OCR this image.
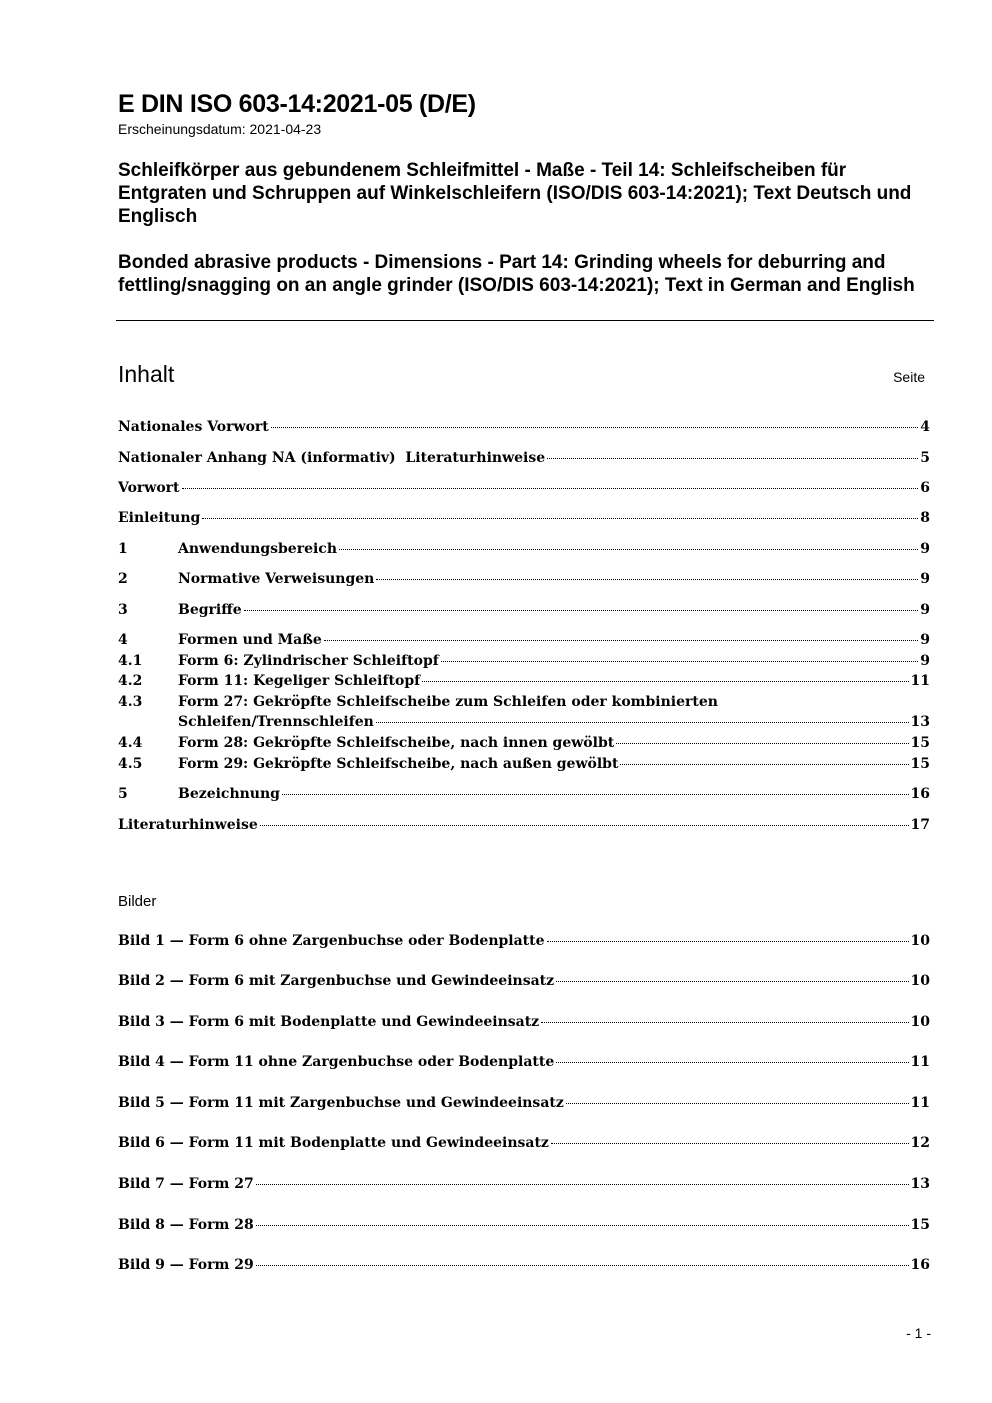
E DIN ISO 603-14:2021-05 (D/E)
Erscheinungsdatum: 2021-04-23

Schleifkörper aus gebundenem Schleifmittel - Maße - Teil 14: Schleifscheiben für Entgraten und Schruppen auf Winkelschleifern (ISO/DIS 603-14:2021); Text Deutsch und Englisch

Bonded abrasive products - Dimensions - Part 14: Grinding wheels for deburring and fettling/snagging on an angle grinder (ISO/DIS 603-14:2021); Text in German and English

Inhalt	Seite
Nationales Vorwort	4
Nationaler Anhang NA (informativ)  Literaturhinweise	5
Vorwort	6
Einleitung	8
1	Anwendungsbereich	9
2	Normative Verweisungen	9
3	Begriffe	9
4	Formen und Maße	9
4.1	Form 6: Zylindrischer Schleiftopf	9
4.2	Form 11: Kegeliger Schleiftopf	11
4.3	Form 27: Gekröpfte Schleifscheibe zum Schleifen oder kombinierten
Schleifen/Trennschleifen	13
4.4	Form 28: Gekröpfte Schleifscheibe, nach innen gewölbt	15
4.5	Form 29: Gekröpfte Schleifscheibe, nach außen gewölbt	15
5	Bezeichnung	16
Literaturhinweise	17
Bilder
Bild 1 — Form 6 ohne Zargenbuchse oder Bodenplatte	10
Bild 2 — Form 6 mit Zargenbuchse und Gewindeeinsatz	10
Bild 3 — Form 6 mit Bodenplatte und Gewindeeinsatz	10
Bild 4 — Form 11 ohne Zargenbuchse oder Bodenplatte	11
Bild 5 — Form 11 mit Zargenbuchse und Gewindeeinsatz	11
Bild 6 — Form 11 mit Bodenplatte und Gewindeeinsatz	12
Bild 7 — Form 27	13
Bild 8 — Form 28	15
Bild 9 — Form 29	16
- 1 -
